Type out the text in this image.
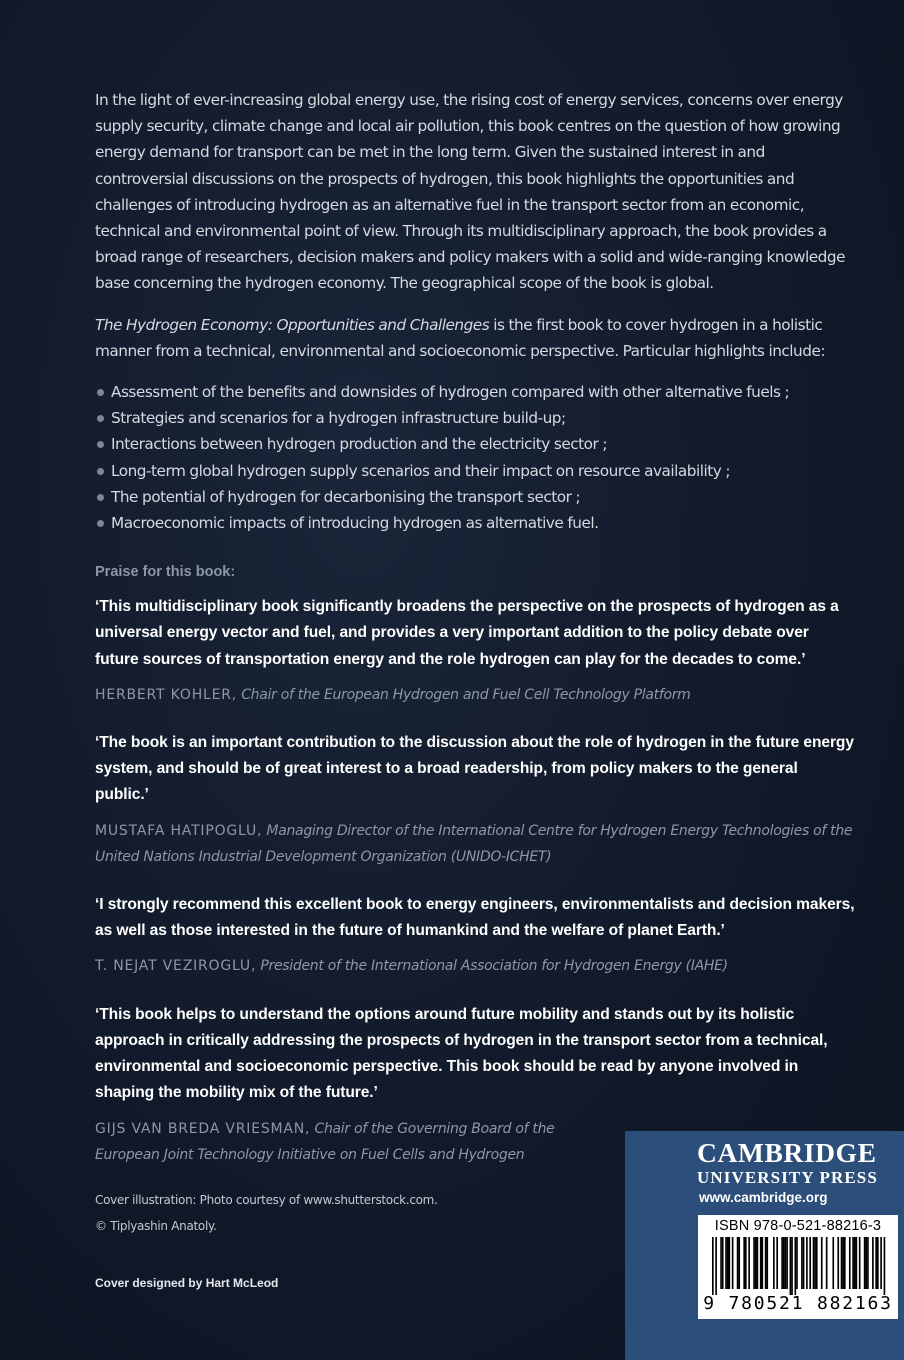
In the light of ever-increasing global energy use, the rising cost of energy services, concerns over energy supply security, climate change and local air pollution, this book centres on the question of how growing energy demand for transport can be met in the long term. Given the sustained interest in and controversial discussions on the prospects of hydrogen, this book highlights the opportunities and challenges of introducing hydrogen as an alternative fuel in the transport sector from an economic, technical and environmental point of view. Through its multidisciplinary approach, the book provides a broad range of researchers, decision makers and policy makers with a solid and wide-ranging knowledge base concerning the hydrogen economy. The geographical scope of the book is global.

The Hydrogen Economy: Opportunities and Challenges is the first book to cover hydrogen in a holistic manner from a technical, environmental and socioeconomic perspective. Particular highlights include:

Assessment of the benefits and downsides of hydrogen compared with other alternative fuels ;
Strategies and scenarios for a hydrogen infrastructure build-up;
Interactions between hydrogen production and the electricity sector ;
Long-term global hydrogen supply scenarios and their impact on resource availability ;
The potential of hydrogen for decarbonising the transport sector ;
Macroeconomic impacts of introducing hydrogen as alternative fuel.
Praise for this book:

‘This multidisciplinary book significantly broadens the perspective on the prospects of hydrogen as a universal energy vector and fuel, and provides a very important addition to the policy debate over future sources of transportation energy and the role hydrogen can play for the decades to come.’

HERBERT KOHLER, Chair of the European Hydrogen and Fuel Cell Technology Platform

‘The book is an important contribution to the discussion about the role of hydrogen in the future energy system, and should be of great interest to a broad readership, from policy makers to the general public.’

MUSTAFA HATIPOGLU, Managing Director of the International Centre for Hydrogen Energy Technologies of the United Nations Industrial Development Organization (UNIDO-ICHET)

‘I strongly recommend this excellent book to energy engineers, environmentalists and decision makers, as well as those interested in the future of humankind and the welfare of planet Earth.’

T. NEJAT VEZIROGLU, President of the International Association for Hydrogen Energy (IAHE)

‘This book helps to understand the options around future mobility and stands out by its holistic approach in critically addressing the prospects of hydrogen in the transport sector from a technical, environmental and socioeconomic perspective. This book should be read by anyone involved in shaping the mobility mix of the future.’

GIJS VAN BREDA VRIESMAN, Chair of the Governing Board of the
European Joint Technology Initiative on Fuel Cells and Hydrogen

Cover illustration: Photo courtesy of www.shutterstock.com.
© Tiplyashin Anatoly.
Cover designed by Hart McLeod
CAMBRIDGE
UNIVERSITY PRESS
www.cambridge.org
ISBN 978-0-521-88216-3
9 780521 882163
